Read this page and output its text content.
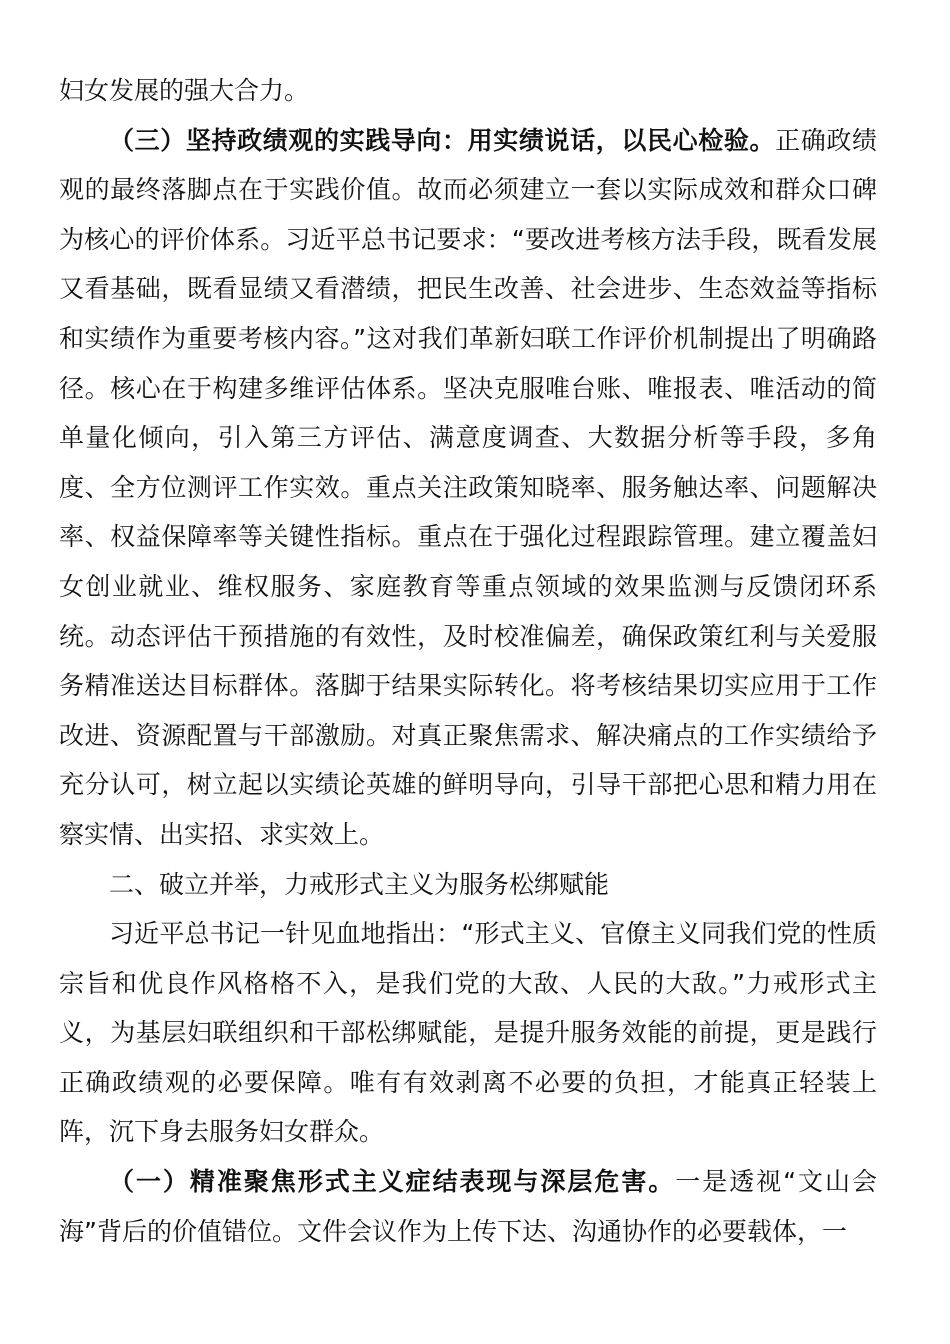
妇女发展的强大合力。

（三）坚持政绩观的实践导向：用实绩说话，以民心检验。正确政绩观的最终落脚点在于实践价值。故而必须建立一套以实际成效和群众口碑为核心的评价体系。习近平总书记要求：“要改进考核方法手段，既看发展又看基础，既看显绩又看潜绩，把民生改善、社会进步、生态效益等指标和实绩作为重要考核内容。”这对我们革新妇联工作评价机制提出了明确路径。核心在于构建多维评估体系。坚决克服唯台账、唯报表、唯活动的简单量化倾向，引入第三方评估、满意度调查、大数据分析等手段，多角度、全方位测评工作实效。重点关注政策知晓率、服务触达率、问题解决率、权益保障率等关键性指标。重点在于强化过程跟踪管理。建立覆盖妇女创业就业、维权服务、家庭教育等重点领域的效果监测与反馈闭环系统。动态评估干预措施的有效性，及时校准偏差，确保政策红利与关爱服务精准送达目标群体。落脚于结果实际转化。将考核结果切实应用于工作改进、资源配置与干部激励。对真正聚焦需求、解决痛点的工作实绩给予充分认可，树立起以实绩论英雄的鲜明导向，引导干部把心思和精力用在察实情、出实招、求实效上。

二、破立并举，力戒形式主义为服务松绑赋能

习近平总书记一针见血地指出：“形式主义、官僚主义同我们党的性质宗旨和优良作风格格不入，是我们党的大敌、人民的大敌。”力戒形式主义，为基层妇联组织和干部松绑赋能，是提升服务效能的前提，更是践行正确政绩观的必要保障。唯有有效剥离不必要的负担，才能真正轻装上阵，沉下身去服务妇女群众。

（一）精准聚焦形式主义症结表现与深层危害。一是透视“文山会海”背后的价值错位。文件会议作为上传下达、沟通协作的必要载体，一
